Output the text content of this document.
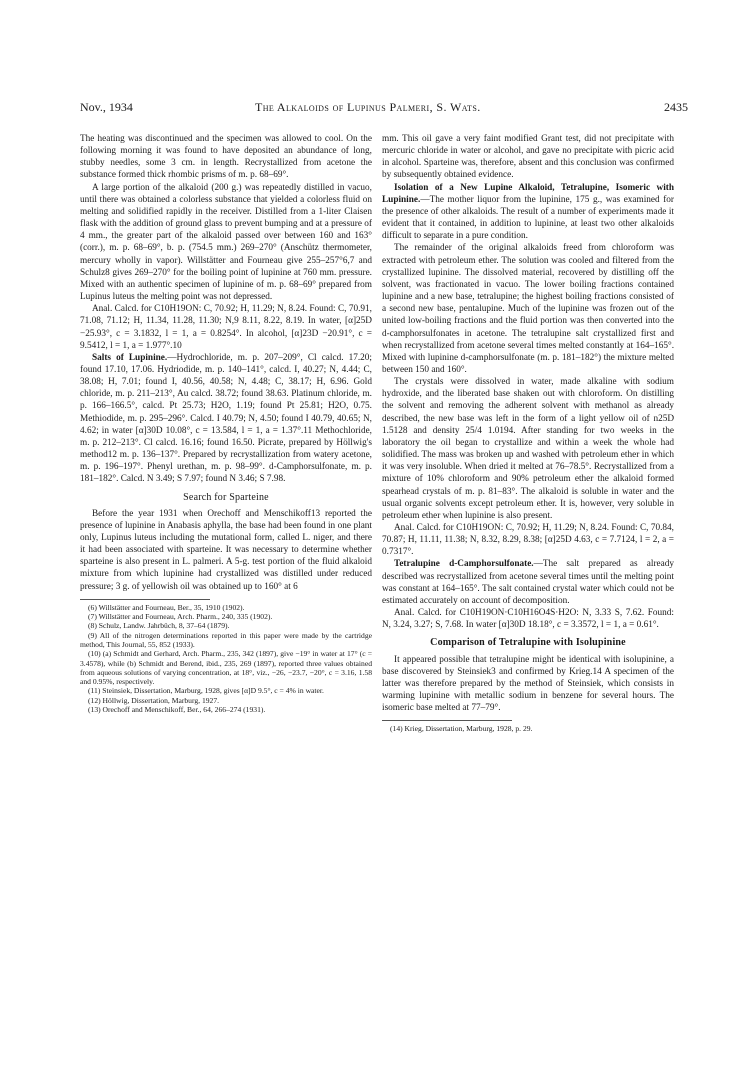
Nov., 1934	The Alkaloids of Lupinus Palmeri, S. Wats.	2435

The heating was discontinued and the specimen was allowed to cool. On the following morning it was found to have deposited an abundance of long, stubby needles, some 3 cm. in length. Recrystallized from acetone the substance formed thick rhombic prisms of m. p. 68–69°.

A large portion of the alkaloid (200 g.) was repeatedly distilled in vacuo, until there was obtained a colorless substance that yielded a colorless fluid on melting and solidified rapidly in the receiver. Distilled from a 1-liter Claisen flask with the addition of ground glass to prevent bumping and at a pressure of 4 mm., the greater part of the alkaloid passed over between 160 and 163° (corr.), m. p. 68–69°, b. p. (754.5 mm.) 269–270° (Anschütz thermometer, mercury wholly in vapor). Willstätter and Fourneau give 255–257°6,7 and Schulz8 gives 269–270° for the boiling point of lupinine at 760 mm. pressure. Mixed with an authentic specimen of lupinine of m. p. 68–69° prepared from Lupinus luteus the melting point was not depressed.

Anal. Calcd. for C10H19ON: C, 70.92; H, 11.29; N, 8.24. Found: C, 70.91, 71.08, 71.12; H, 11.34, 11.28, 11.30; N,9 8.11, 8.22, 8.19. In water, [α]25D −25.93°, c = 3.1832, l = 1, a = 0.8254°. In alcohol, [α]23D −20.91°, c = 9.5412, l = 1, a = 1.977°.10

Salts of Lupinine.—Hydrochloride, m. p. 207–209°, Cl calcd. 17.20; found 17.10, 17.06. Hydriodide, m. p. 140–141°, calcd. I, 40.27; N, 4.44; C, 38.08; H, 7.01; found I, 40.56, 40.58; N, 4.48; C, 38.17; H, 6.96. Gold chloride, m. p. 211–213°, Au calcd. 38.72; found 38.63. Platinum chloride, m. p. 166–166.5°, calcd. Pt 25.73; H2O, 1.19; found Pt 25.81; H2O, 0.75. Methiodide, m. p. 295–296°. Calcd. I 40.79; N, 4.50; found I 40.79, 40.65; N, 4.62; in water [α]30D 10.08°, c = 13.584, l = 1, a = 1.37°.11 Methochloride, m. p. 212–213°. Cl calcd. 16.16; found 16.50. Picrate, prepared by Höllwig's method12 m. p. 136–137°. Prepared by recrystallization from watery acetone, m. p. 196–197°. Phenyl urethan, m. p. 98–99°. d-Camphorsulfonate, m. p. 181–182°. Calcd. N 3.49; S 7.97; found N 3.46; S 7.98.

Search for Sparteine

Before the year 1931 when Orechoff and Menschikoff13 reported the presence of lupinine in Anabasis aphylla, the base had been found in one plant only, Lupinus luteus including the mutational form, called L. niger, and there it had been associated with sparteine. It was necessary to determine whether sparteine is also present in L. palmeri. A 5-g. test portion of the fluid alkaloid mixture from which lupinine had crystallized was distilled under reduced pressure; 3 g. of yellowish oil was obtained up to 160° at 6

(6) Willstätter and Fourneau, Ber., 35, 1910 (1902).
(7) Willstätter and Fourneau, Arch. Pharm., 240, 335 (1902).
(8) Schulz, Landw. Jahrbüch, 8, 37–64 (1879).
(9) All of the nitrogen determinations reported in this paper were made by the cartridge method, This Journal, 55, 852 (1933).
(10) (a) Schmidt and Gerhard, Arch. Pharm., 235, 342 (1897), give −19° in water at 17° (c = 3.4578), while (b) Schmidt and Berend, ibid., 235, 269 (1897), reported three values obtained from aqueous solutions of varying concentration, at 18°, viz., −26, −23.7, −20°, c = 3.16, 1.58 and 0.95%, respectively.
(11) Steinsiek, Dissertation, Marburg, 1928, gives [α]D 9.5°, c = 4% in water.
(12) Höllwig, Dissertation, Marburg, 1927.
(13) Orechoff and Menschikoff, Ber., 64, 266–274 (1931).

mm. This oil gave a very faint modified Grant test, did not precipitate with mercuric chloride in water or alcohol, and gave no precipitate with picric acid in alcohol. Sparteine was, therefore, absent and this conclusion was confirmed by subsequently obtained evidence.

Isolation of a New Lupine Alkaloid, Tetralupine, Isomeric with Lupinine.—The mother liquor from the lupinine, 175 g., was examined for the presence of other alkaloids. The result of a number of experiments made it evident that it contained, in addition to lupinine, at least two other alkaloids difficult to separate in a pure condition.

The remainder of the original alkaloids freed from chloroform was extracted with petroleum ether. The solution was cooled and filtered from the crystallized lupinine. The dissolved material, recovered by distilling off the solvent, was fractionated in vacuo. The lower boiling fractions contained lupinine and a new base, tetralupine; the highest boiling fractions consisted of a second new base, pentalupine. Much of the lupinine was frozen out of the united low-boiling fractions and the fluid portion was then converted into the d-camphorsulfonates in acetone. The tetralupine salt crystallized first and when recrystallized from acetone several times melted constantly at 164–165°. Mixed with lupinine d-camphorsulfonate (m. p. 181–182°) the mixture melted between 150 and 160°.

The crystals were dissolved in water, made alkaline with sodium hydroxide, and the liberated base shaken out with chloroform. On distilling the solvent and removing the adherent solvent with methanol as already described, the new base was left in the form of a light yellow oil of n25D 1.5128 and density 25/4 1.0194. After standing for two weeks in the laboratory the oil began to crystallize and within a week the whole had solidified. The mass was broken up and washed with petroleum ether in which it was very insoluble. When dried it melted at 76–78.5°. Recrystallized from a mixture of 10% chloroform and 90% petroleum ether the alkaloid formed spearhead crystals of m. p. 81–83°. The alkaloid is soluble in water and the usual organic solvents except petroleum ether. It is, however, very soluble in petroleum ether when lupinine is also present.

Anal. Calcd. for C10H19ON: C, 70.92; H, 11.29; N, 8.24. Found: C, 70.84, 70.87; H, 11.11, 11.38; N, 8.32, 8.29, 8.38; [α]25D 4.63, c = 7.7124, l = 2, a = 0.7317°.

Tetralupine d-Camphorsulfonate.—The salt prepared as already described was recrystallized from acetone several times until the melting point was constant at 164–165°. The salt contained crystal water which could not be estimated accurately on account of decomposition.

Anal. Calcd. for C10H19ON·C10H16O4S·H2O: N, 3.33 S, 7.62. Found: N, 3.24, 3.27; S, 7.68. In water [α]30D 18.18°, c = 3.3572, l = 1, a = 0.61°.

Comparison of Tetralupine with Isolupinine

It appeared possible that tetralupine might be identical with isolupinine, a base discovered by Steinsiek3 and confirmed by Krieg.14 A specimen of the latter was therefore prepared by the method of Steinsiek, which consists in warming lupinine with metallic sodium in benzene for several hours. The isomeric base melted at 77–79°.

(14) Krieg, Dissertation, Marburg, 1928, p. 29.
